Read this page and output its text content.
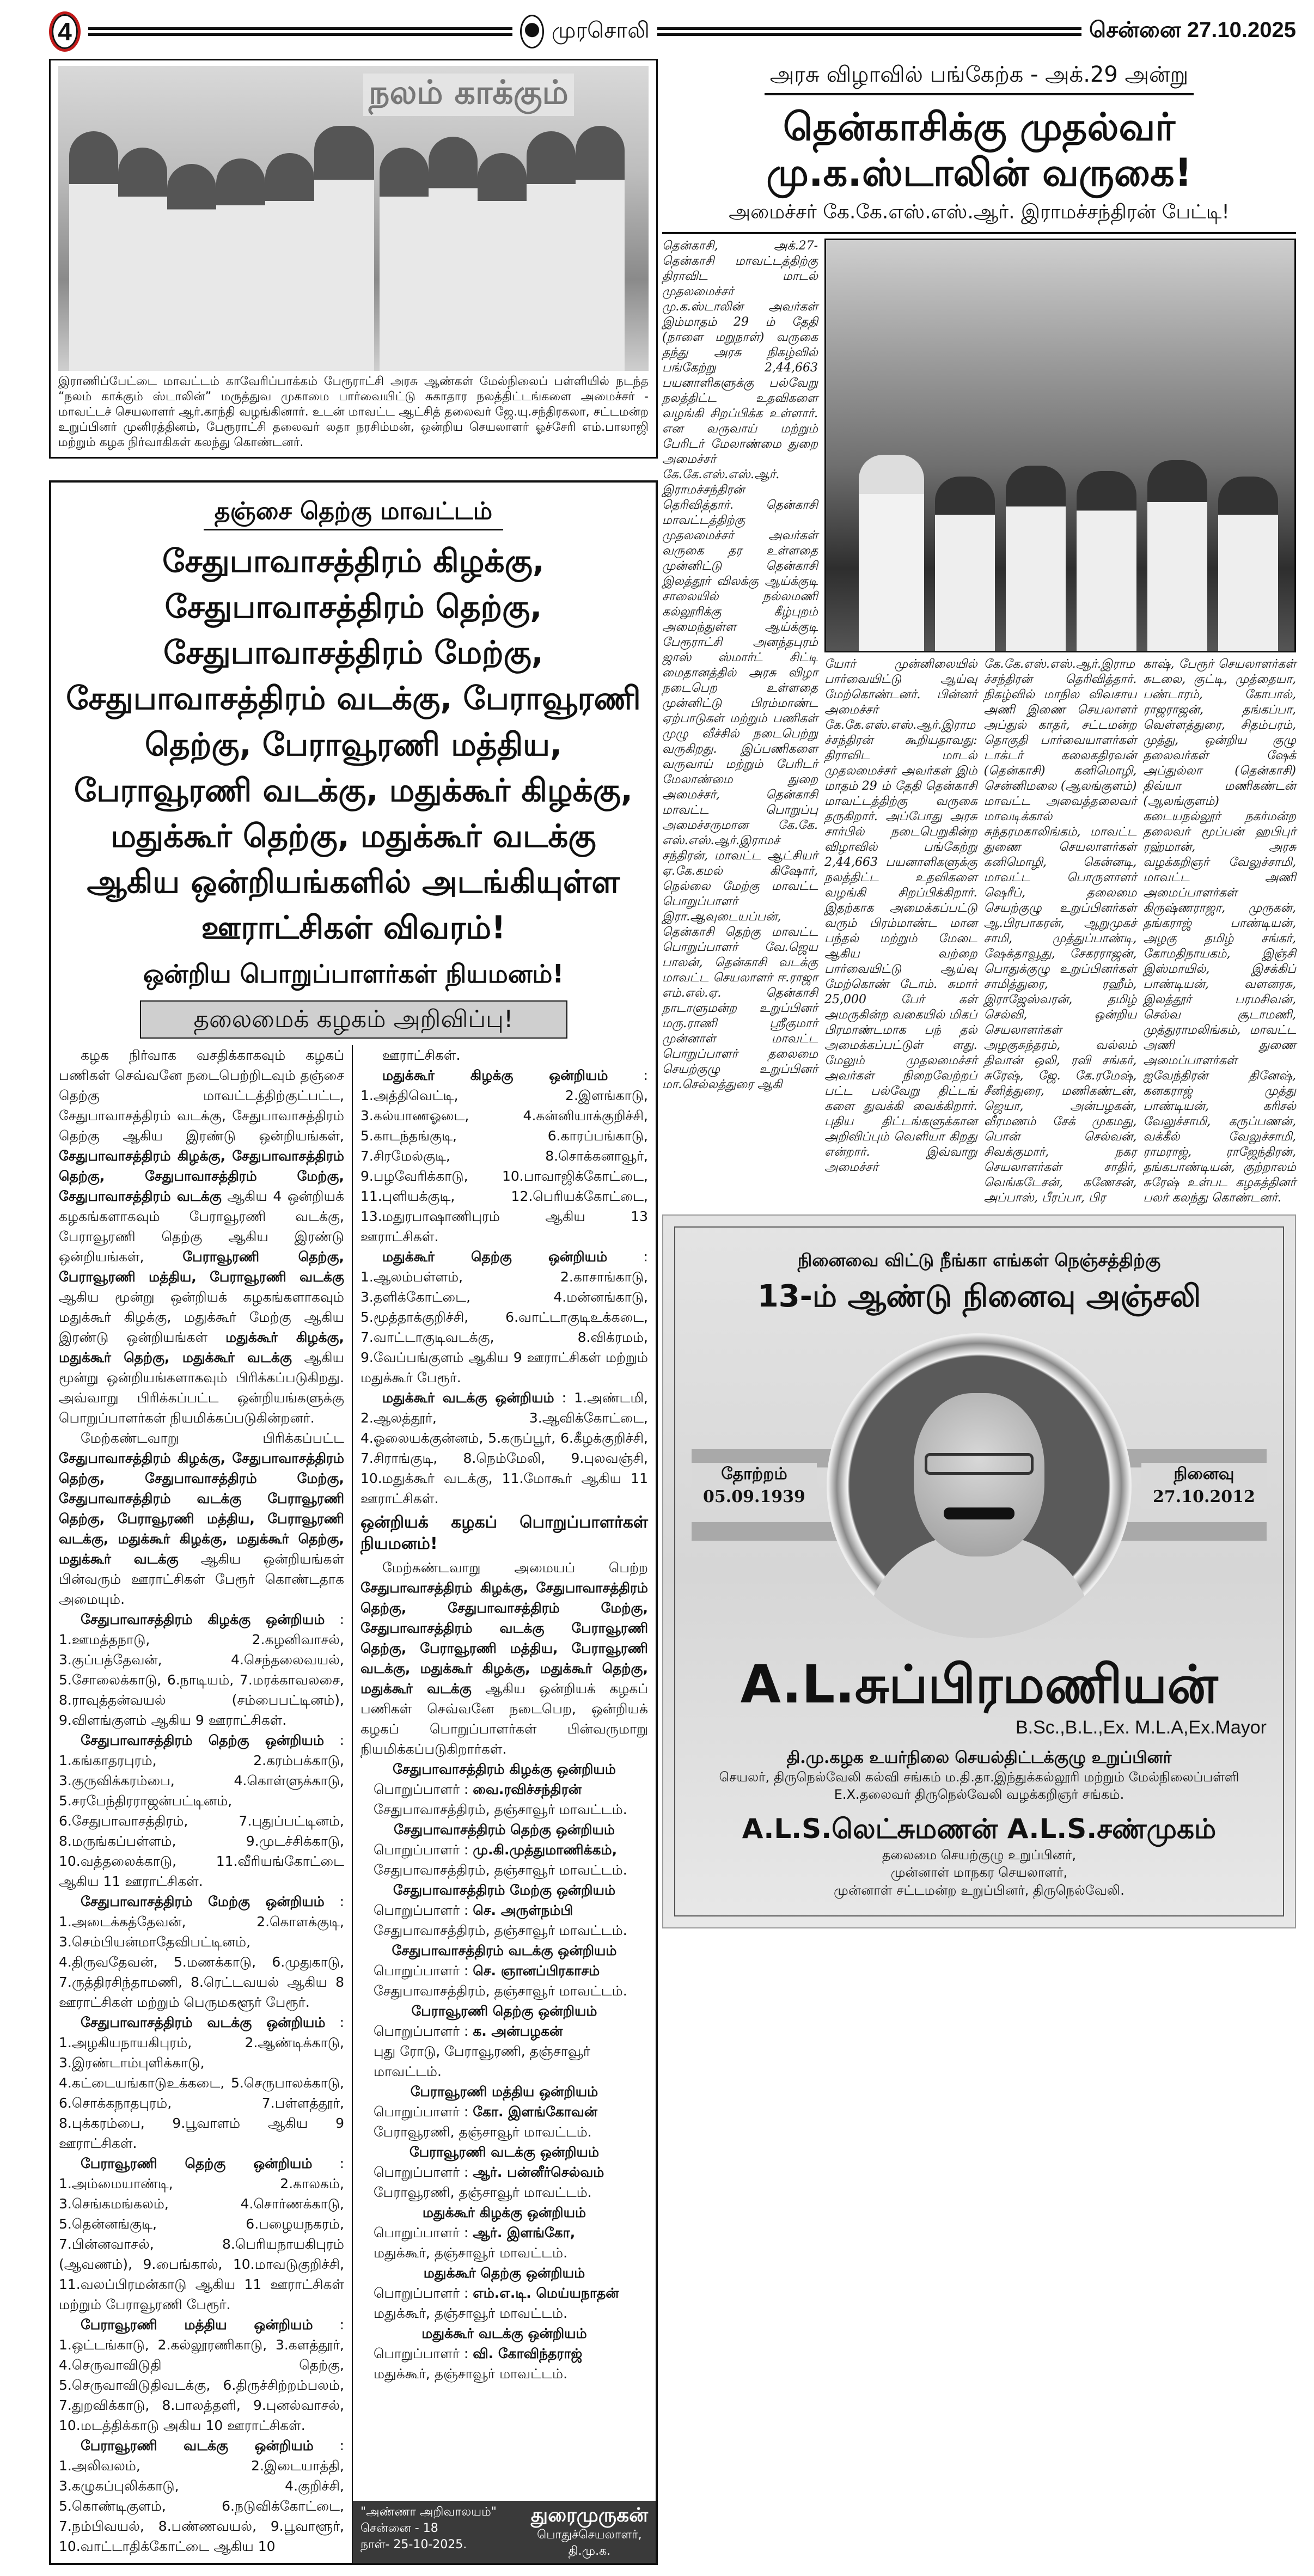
4	முரசொலி	சென்னை 27.10.2025
நலம் காக்கும்
இராணிப்பேட்டை மாவட்டம் காவேரிப்பாக்கம் பேரூராட்சி அரசு ஆண்கள் மேல்நிலைப் பள்ளியில் நடந்த “நலம் காக்கும் ஸ்டாலின்” மருத்துவ முகாமை பார்வையிட்டு சுகாதார நலத்திட்டங்களை அமைச்சர் - மாவட்டச் செயலாளர் ஆர்.காந்தி வழங்கினார். உடன் மாவட்ட ஆட்சித் தலைவர் ஜே.யு.சந்திரகலா, சட்டமன்ற உறுப்பினர் முனிரத்தினம், பேரூராட்சி தலைவர் லதா நரசிம்மன், ஒன்றிய செயலாளர் ஓச்சேரி எம்.பாலாஜி மற்றும் கழக நிர்வாகிகள் கலந்து கொண்டனர்.
தஞ்சை தெற்கு மாவட்டம்
சேதுபாவாசத்திரம் கிழக்கு, சேதுபாவாசத்திரம் தெற்கு, சேதுபாவாசத்திரம் மேற்கு, சேதுபாவாசத்திரம் வடக்கு, பேராவூரணி தெற்கு, பேராவூரணி மத்திய, பேராவூரணி வடக்கு, மதுக்கூர் கிழக்கு, மதுக்கூர் தெற்கு, மதுக்கூர் வடக்கு ஆகிய ஒன்றியங்களில் அடங்கியுள்ள ஊராட்சிகள் விவரம்!
ஒன்றிய பொறுப்பாளர்கள் நியமனம்!
தலைமைக் கழகம் அறிவிப்பு!

கழக நிர்வாக வசதிக்காகவும் கழகப் பணிகள் செவ்வனே நடைபெற்றிடவும் தஞ்சை தெற்கு மாவட்டத்திற்குட்பட்ட, சேதுபாவாசத்திரம் வடக்கு, சேதுபாவாசத்திரம் தெற்கு ஆகிய இரண்டு ஒன்றியங்கள், சேதுபாவாசத்திரம் கிழக்கு, சேதுபாவாசத்திரம் தெற்கு, சேதுபாவாசத்திரம் மேற்கு, சேதுபாவாசத்திரம் வடக்கு ஆகிய 4 ஒன்றியக் கழகங்களாகவும் பேராவூரணி வடக்கு, பேராவூரணி தெற்கு ஆகிய இரண்டு ஒன்றியங்கள், பேராவூரணி தெற்கு, பேராவூரணி மத்திய, பேராவூரணி வடக்கு ஆகிய மூன்று ஒன்றியக் கழகங்களாகவும் மதுக்கூர் கிழக்கு, மதுக்கூர் மேற்கு ஆகிய இரண்டு ஒன்றியங்கள் மதுக்கூர் கிழக்கு, மதுக்கூர் தெற்கு, மதுக்கூர் வடக்கு ஆகிய மூன்று ஒன்றியங்களாகவும் பிரிக்கப்படுகிறது. அவ்வாறு பிரிக்கப்பட்ட ஒன்றியங்களுக்கு பொறுப்பாளர்கள் நியமிக்கப்படுகின்றனர்.

மேற்கண்டவாறு பிரிக்கப்பட்ட சேதுபாவாசத்திரம் கிழக்கு, சேதுபாவாசத்திரம் தெற்கு, சேதுபாவாசத்திரம் மேற்கு, சேதுபாவாசத்திரம் வடக்கு பேராவூரணி தெற்கு, பேராவூரணி மத்திய, பேராவூரணி வடக்கு, மதுக்கூர் கிழக்கு, மதுக்கூர் தெற்கு, மதுக்கூர் வடக்கு ஆகிய ஒன்றியங்கள் பின்வரும் ஊராட்சிகள் பேரூர் கொண்டதாக அமையும்.

சேதுபாவாசத்திரம் கிழக்கு ஒன்றியம் : 1.ஊமத்தநாடு, 2.கழனிவாசல், 3.குப்பத்தேவன், 4.செந்தலைவயல், 5.சோலைக்காடு, 6.நாடியம், 7.மரக்காவலசை, 8.ராவுத்தன்வயல் (சம்பைபட்டினம்), 9.விளங்குளம் ஆகிய 9 ஊராட்சிகள்.

சேதுபாவாசத்திரம் தெற்கு ஒன்றியம் : 1.கங்காதரபுரம், 2.கரம்பக்காடு, 3.குருவிக்கரம்பை, 4.கொள்ளுக்காடு, 5.சரபேந்திரராஜன்பட்டினம், 6.சேதுபாவாசத்திரம், 7.புதுப்பட்டினம், 8.மருங்கப்பள்ளம், 9.முடச்சிக்காடு, 10.வத்தலைக்காடு, 11.வீரியங்கோட்டை ஆகிய 11 ஊராட்சிகள்.

சேதுபாவாசத்திரம் மேற்கு ஒன்றியம் : 1.அடைக்கத்தேவன், 2.கொளக்குடி, 3.செம்பியன்மாதேவிபட்டினம், 4.திருவதேவன், 5.மணக்காடு, 6.முதுகாடு, 7.ருத்திரசிந்தாமணி, 8.ரெட்டவயல் ஆகிய 8 ஊராட்சிகள் மற்றும் பெருமகளூர் பேரூர்.

சேதுபாவாசத்திரம் வடக்கு ஒன்றியம் : 1.அழகியநாயகிபுரம், 2.ஆண்டிக்காடு, 3.இரண்டாம்புளிக்காடு, 4.கட்டையங்காடுஉக்கடை, 5.செருபாலக்காடு, 6.சொக்கநாதபுரம், 7.பள்ளத்தூர், 8.புக்கரம்பை, 9.பூவாளம் ஆகிய 9 ஊராட்சிகள்.

பேராவூரணி தெற்கு ஒன்றியம் : 1.அம்மையாண்டி, 2.காலகம், 3.செங்கமங்கலம், 4.சொர்ணக்காடு, 5.தென்னங்குடி, 6.பழையநகரம், 7.பின்னவாசல், 8.பெரியநாயகிபுரம் (ஆவணம்), 9.பைங்கால், 10.மாவடுகுறிச்சி, 11.வலப்பிரமன்காடு ஆகிய 11 ஊராட்சிகள் மற்றும் பேராவூரணி பேரூர்.

பேராவூரணி மத்திய ஒன்றியம் : 1.ஒட்டங்காடு, 2.கல்லூரணிகாடு, 3.களத்தூர், 4.செருவாவிடுதி தெற்கு, 5.செருவாவிடுதிவடக்கு, 6.திருச்சிற்றம்பலம், 7.துறவிக்காடு, 8.பாலத்தளி, 9.புனல்வாசல், 10.மடத்திக்காடு அகிய 10 ஊராட்சிகள்.

பேராவூரணி வடக்கு ஒன்றியம் : 1.அலிவலம், 2.இடையாத்தி, 3.கழுகப்புலிக்காடு, 4.குறிச்சி, 5.கொண்டிகுளம், 6.நடுவிக்கோட்டை, 7.நம்பிவயல், 8.பண்ணவயல், 9.பூவாளூர், 10.வாட்டாதிக்கோட்டை ஆகிய 10

ஊராட்சிகள்.

மதுக்கூர் கிழக்கு ஒன்றியம் : 1.அத்திவெட்டி, 2.இளங்காடு, 3.கல்யாணஓடை, 4.கன்னியாக்குறிச்சி, 5.காடந்தங்குடி, 6.காரப்பங்காடு, 7.சிரமேல்குடி, 8.சொக்கனாவூர், 9.பழவேரிக்காடு, 10.பாவாஜிக்கோட்டை, 11.புளியக்குடி, 12.பெரியக்கோட்டை, 13.மதுரபாஷாணிபுரம் ஆகிய 13 ஊராட்சிகள்.

மதுக்கூர் தெற்கு ஒன்றியம் : 1.ஆலம்பள்ளம், 2.காசாங்காடு, 3.தளிக்கோட்டை, 4.மன்னங்காடு, 5.மூத்தாக்குறிச்சி, 6.வாட்டாகுடிஉக்கடை, 7.வாட்டாகுடிவடக்கு, 8.விக்ரமம், 9.வேப்பங்குளம் ஆகிய 9 ஊராட்சிகள் மற்றும் மதுக்கூர் பேரூர்.

மதுக்கூர் வடக்கு ஒன்றியம் : 1.அண்டமி, 2.ஆலத்தூர், 3.ஆவிக்கோட்டை, 4.ஓலையக்குன்னம், 5.கருப்பூர், 6.கீழக்குறிச்சி, 7.சிராங்குடி, 8.நெம்மேலி, 9.புலவஞ்சி, 10.மதுக்கூர் வடக்கு, 11.மோகூர் ஆகிய 11 ஊராட்சிகள்.

ஒன்றியக் கழகப் பொறுப்பாளர்கள் நியமனம்!

மேற்கண்டவாறு அமையப் பெற்ற சேதுபாவாசத்திரம் கிழக்கு, சேதுபாவாசத்திரம் தெற்கு, சேதுபாவாசத்திரம் மேற்கு, சேதுபாவாசத்திரம் வடக்கு பேராவூரணி தெற்கு, பேராவூரணி மத்திய, பேராவூரணி வடக்கு, மதுக்கூர் கிழக்கு, மதுக்கூர் தெற்கு, மதுக்கூர் வடக்கு ஆகிய ஒன்றியக் கழகப் பணிகள் செவ்வனே நடைபெற, ஒன்றியக் கழகப் பொறுப்பாளர்கள் பின்வருமாறு நியமிக்கப்படுகிறார்கள்.

சேதுபாவாசத்திரம் கிழக்கு ஒன்றியம்

பொறுப்பாளர் : வை.ரவிச்சந்திரன்

சேதுபாவாசத்திரம், தஞ்சாவூர் மாவட்டம்.

சேதுபாவாசத்திரம் தெற்கு ஒன்றியம்

பொறுப்பாளர் : மு.கி.முத்துமாணிக்கம்,

சேதுபாவாசத்திரம், தஞ்சாவூர் மாவட்டம்.

சேதுபாவாசத்திரம் மேற்கு ஒன்றியம்

பொறுப்பாளர் : செ. அருள்நம்பி

சேதுபாவாசத்திரம், தஞ்சாவூர் மாவட்டம்.

சேதுபாவாசத்திரம் வடக்கு ஒன்றியம்

பொறுப்பாளர் : செ. ஞானப்பிரகாசம்

சேதுபாவாசத்திரம், தஞ்சாவூர் மாவட்டம்.

பேராவூரணி தெற்கு ஒன்றியம்

பொறுப்பாளர் : க. அன்பழகன்

புது ரோடு, பேராவூரணி, தஞ்சாவூர் மாவட்டம்.

பேராவூரணி மத்திய ஒன்றியம்

பொறுப்பாளர் : கோ. இளங்கோவன்

பேராவூரணி, தஞ்சாவூர் மாவட்டம்.

பேராவூரணி வடக்கு ஒன்றியம்

பொறுப்பாளர் : ஆர். பன்னீர்செல்வம்

பேராவூரணி, தஞ்சாவூர் மாவட்டம்.

மதுக்கூர் கிழக்கு ஒன்றியம்

பொறுப்பாளர் : ஆர். இளங்கோ,

மதுக்கூர், தஞ்சாவூர் மாவட்டம்.

மதுக்கூர் தெற்கு ஒன்றியம்

பொறுப்பாளர் : எம்.எ.டி. மெய்யநாதன்

மதுக்கூர், தஞ்சாவூர் மாவட்டம்.

மதுக்கூர் வடக்கு ஒன்றியம்

பொறுப்பாளர் : வி. கோவிந்தராஜ்

மதுக்கூர், தஞ்சாவூர் மாவட்டம்.

"அண்ணா அறிவாலயம்"
சென்னை - 18
நாள்- 25-10-2025.
துரைமுருகன்
பொதுச்செயலாளர்,
தி.மு.க.
அரசு விழாவில் பங்கேற்க - அக்.29 அன்று
தென்காசிக்கு முதல்வர் மு.க.ஸ்டாலின் வருகை!
அமைச்சர் கே.கே.எஸ்.எஸ்.ஆர். இராமச்சந்திரன் பேட்டி!
தென்காசி, அக்.27- தென்காசி மாவட்டத்திற்கு திராவிட மாடல் முதலமைச்சர் மு.க.ஸ்டாலின் அவர்கள் இம்மாதம் 29 ம் தேதி (நாளை மறுநாள்) வருகை தந்து அரசு நிகழ்வில் பங்கேற்று 2,44,663 பயனாளிகளுக்கு பல்வேறு நலத்திட்ட உதவிகளை வழங்கி சிறப்பிக்க உள்ளார். என வருவாய் மற்றும் பேரிடர் மேலாண்மை துறை அமைச்சர் கே.கே.எஸ்.எஸ்.ஆர். இராமச்சந்திரன் தெரிவித்தார். தென்காசி மாவட்டத்திற்கு முதலமைச்சர் அவர்கள் வருகை தர உள்ளதை முன்னிட்டு தென்காசி இலத்தூர் விலக்கு ஆய்க்குடி சாலையில் நல்லமணி கல்லூரிக்கு கீழ்புறம் அமைந்துள்ள ஆய்க்குடி பேரூராட்சி அனந்தபுரம் ஜாஸ் ஸ்மார்ட் சிட்டி மைதானத்தில் அரசு விழா நடைபெற உள்ளதை முன்னிட்டு பிரம்மாண்ட ஏற்பாடுகள் மற்றும் பணிகள் முழு வீச்சில் நடைபெற்று வருகிறது. இப்பணிகளை வருவாய் மற்றும் பேரிடர் மேலாண்மை துறை அமைச்சர், தென்காசி மாவட்ட பொறுப்பு அமைச்சருமான கே.கே. எஸ்.எஸ்.ஆர்.இராமச் சந்திரன், மாவட்ட ஆட்சியர் ஏ.கே.கமல் கிஷோர், நெல்லை மேற்கு மாவட்ட பொறுப்பாளர் இரா.ஆவுடையப்பன், தென்காசி தெற்கு மாவட்ட பொறுப்பாளர் வே.ஜெய பாலன், தென்காசி வடக்கு மாவட்ட செயலாளர் ஈ.ராஜா எம்.எல்.ஏ. தென்காசி நாடாளுமன்ற உறுப்பினர் மரு.ராணி ஸ்ரீகுமார் முன்னாள் மாவட்ட பொறுப்பாளர் தலைமை செயற்குழு உறுப்பினர் மா.செல்லத்துரை ஆகி
யோர் முன்னிலையில் பார்வையிட்டு ஆய்வு மேற்கொண்டனர். பின்னர் அமைச்சர் கே.கே.எஸ்.எஸ்.ஆர்.இராமச்சந்திரன் கூறியதாவது: திராவிட மாடல் முதலமைச்சர் அவர்கள் இம் மாதம் 29 ம் தேதி தென்காசி மாவட்டத்திற்கு வருகை தருகிறார். அப்போது அரசு சார்பில் நடைபெறுகின்ற விழாவில் பங்கேற்று 2,44,663 பயனாளிகளுக்கு நலத்திட்ட உதவிகளை வழங்கி சிறப்பிக்கிறார். இதற்காக அமைக்கப்பட்டு வரும் பிரம்மாண்ட மான பந்தல் மற்றும் மேடை ஆகிய வற்றை பார்வையிட்டு ஆய்வு மேற்கொண் டோம். சுமார் 25,000 பேர் கள் அமருகின்ற வகையில் மிகப் பிரமாண்டமாக பந் தல் அமைக்கப்பட்டுள் ளது. மேலும் முதலமைச்சர் அவர்கள் நிறைவேற்றப் பட்ட பல்வேறு திட்டங் களை துவக்கி வைக்கிறார். புதிய திட்டங்களுக்கான அறிவிப்பும் வெளியா கிறது என்றார். இவ்வாறு அமைச்சர்
கே.கே.எஸ்.எஸ்.ஆர்.இராமச்சந்திரன் தெரிவித்தார். நிகழ்வில் மாநில விவசாய அணி இணை செயலாளர் அப்துல் காதர், சட்டமன்ற தொகுதி பார்வையாளர்கள் டாக்டர் கலைகதிரவன் (தென்காசி) கனிமொழி, சென்னிமலை (ஆலங்குளம்) மாவட்ட அவைத்தலைவர் மாவடிக்கால் சுந்தரமகாலிங்கம், மாவட்ட துணை செயலாளர்கள் கனிமொழி, கென்னடி, மாவட்ட பொருளாளர் ஷெரீப், தலைமை செயற்குழு உறுப்பினர்கள் ஆ.பிரபாகரன், ஆறுமுகச் சாமி, முத்துப்பாண்டி, ஷேக்தாவூது, சேகரராஜன், பொதுக்குழு உறுப்பினர்கள் சாமித்துரை, ரஹீம், இராஜேஸ்வரன், தமிழ் செல்வி, ஒன்றிய செயலாளர்கள் அழகுசுந்தரம், வல்லம் திவான் ஒலி, ரவி சங்கர், சுரேஷ், ஜே. கே.ரமேஷ், சீனித்துரை, மணிகண்டன், ஜெயா, அன்பழகன், வீரமணம் சேக் முகமது, பொன் செல்வன், சிவக்குமார், நகர செயலாளர்கள் சாதிர், வெங்கடேசன், கணேசன், அப்பாஸ், பீரப்பா, பிர
காஷ், பேரூர் செயலாளர்கள் சுடலை, குட்டி, முத்தையா, பண்டாரம், கோபால், ராஜராஜன், தங்கப்பா, வெள்ளத்துரை, சிதம்பரம், முத்து, ஒன்றிய குழு தலைவர்கள் ஷேக் அப்துல்லா (தென்காசி) திவ்யா மணிகண்டன் (ஆலங்குளம்) கடையநல்லூர் நகர்மன்ற தலைவர் மூப்பன் ஹபிபுர் ரஹ்மான், அரசு வழக்கறிஞர் வேலுச்சாமி, மாவட்ட அணி அமைப்பாளர்கள் கிருஷ்ணராஜா, முருகன், தங்கராஜ் பாண்டியன், அழகு தமிழ் சங்கர், கோமதிநாயகம், இஞ்சி இஸ்மாயில், இசக்கிப் பாண்டியன், வளனரசு, இலத்தூர் பரமசிவன், செல்வ சூடாமணி, முத்துராமலிங்கம், மாவட்ட அணி துணை அமைப்பாளர்கள் ஐவேந்திரன் தினேஷ், கனகராஜ் முத்து பாண்டியன், கரிசல் வேலுச்சாமி, கருப்பணன், வக்கீல் வேலுச்சாமி, ராமராஜ், ராஜேந்திரன், தங்கபாண்டியன், குற்றாலம் சுரேஷ் உள்பட கழகத்தினர் பலர் கலந்து கொண்டனர்.
நினைவை விட்டு நீங்கா எங்கள் நெஞ்சத்திற்கு
13-ம் ஆண்டு நினைவு அஞ்சலி
தோற்றம்
05.09.1939
நினைவு
27.10.2012
A.L.சுப்பிரமணியன்
B.Sc.,B.L.,Ex. M.L.A,Ex.Mayor
தி.மு.கழக உயர்நிலை செயல்திட்டக்குழு உறுப்பினர்
செயலர், திருநெல்வேலி கல்வி சங்கம் ம.தி.தா.இந்துக்கல்லூரி மற்றும் மேல்நிலைப்பள்ளி
E.X.தலைவர் திருநெல்வேலி வழக்கறிஞர் சங்கம்.
A.L.S.லெட்சுமணன் A.L.S.சண்முகம்
தலைமை செயற்குழு உறுப்பினர்,
முன்னாள் மாநகர செயலாளர்,
முன்னாள் சட்டமன்ற உறுப்பினர், திருநெல்வேலி.
